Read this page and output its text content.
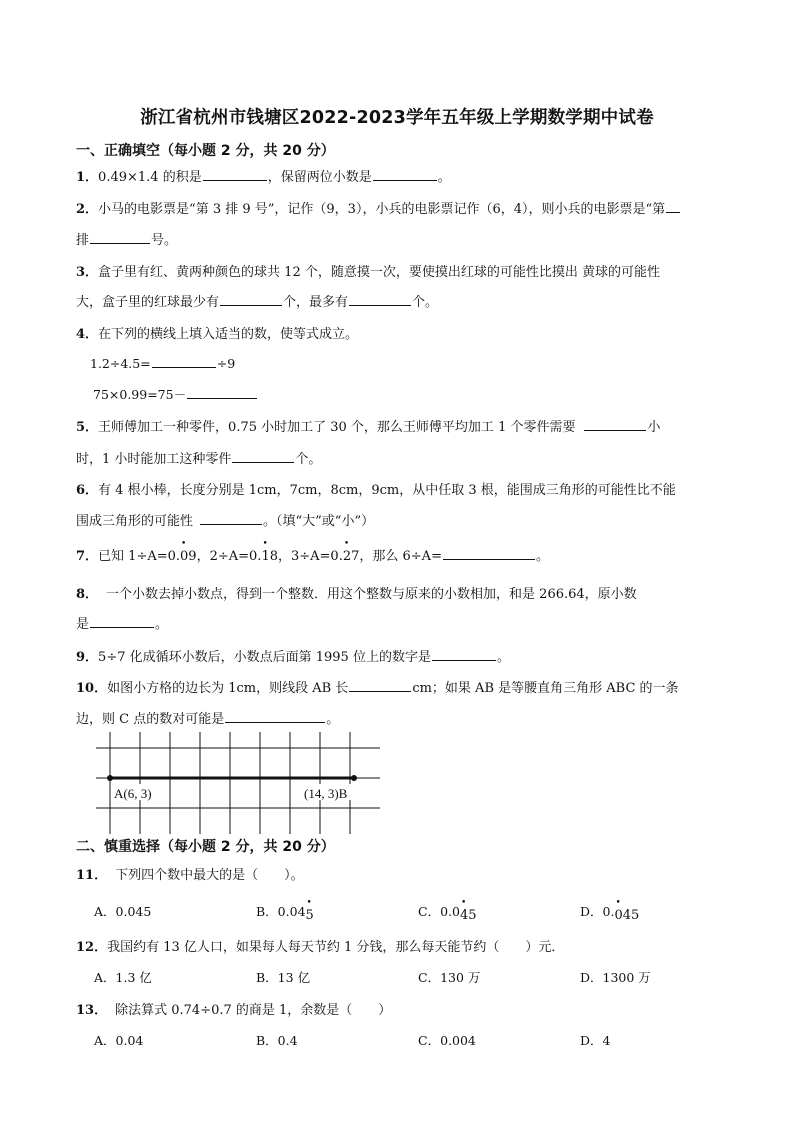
浙江省杭州市钱塘区2022-2023学年五年级上学期数学期中试卷
一、正确填空（每小题 2 分，共 20 分）
1．0.49×1.4 的积是	，保留两位小数是	。
2．小马的电影票是“第 3 排 9 号”，记作（9，3），小兵的电影票记作（6，4），则小兵的电影票是“第
排	号。
3．盒子里有红、黄两种颜色的球共 12 个，随意摸一次，要使摸出红球的可能性比摸出 黄球的可能性
大，盒子里的红球最少有	个，最多有	个。
4．在下列的横线上填入适当的数，使等式成立。
1.2÷4.5=	÷9
75×0.99=75－
5．王师傅加工一种零件，0.75 小时加工了 30 个，那么王师傅平均加工 1 个零件需要	小
时，1 小时能加工这种零件	个。
6．有 4 根小棒，长度分别是 1cm，7cm，8cm，9cm，从中任取 3 根，能围成三角形的可能性比不能
围成三角形的可能性	。（填“大”或“小”）
7．已知 1÷A=0.• 09，2÷A=0.• 18，3÷A=0.• 27，那么 6÷A=	。
8． 一个小数去掉小数点，得到一个整数．用这个整数与原来的小数相加，和是 266.64，原小数
是	。
9．5÷7 化成循环小数后，小数点后面第 1995 位上的数字是	。
10．如图小方格的边长为 1cm，则线段 AB 长	cm；如果 AB 是等腰直角三角形 ABC 的一条
边，则 C 点的数对可能是	。
A(6, 3)	(14, 3)B
二、慎重选择（每小题 2 分，共 20 分）
11． 下列四个数中最大的是（　　）。
A．0.045	B．0.04• 5	C．0.0• 45	D．0.• 045
12．我国约有 13 亿人口，如果每人每天节约 1 分钱，那么每天能节约（　　）元．
A．1.3 亿	B．13 亿	C．130 万	D．1300 万
13． 除法算式 0.74÷0.7 的商是 1，余数是（　　）
A．0.04	B．0.4	C．0.004	D．4
